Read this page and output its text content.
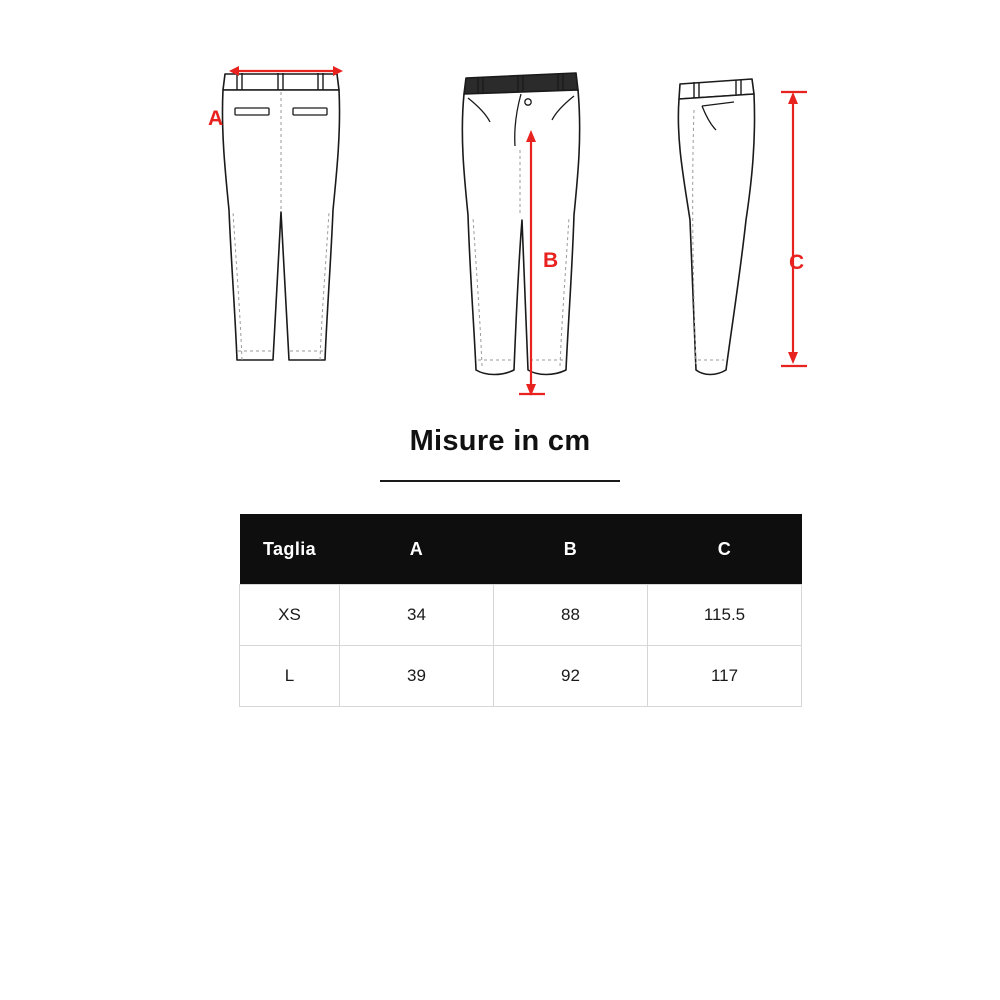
A
B	C
Misure in cm
Taglia	A	B	C
XS	34	88	115.5
L	39	92	117
